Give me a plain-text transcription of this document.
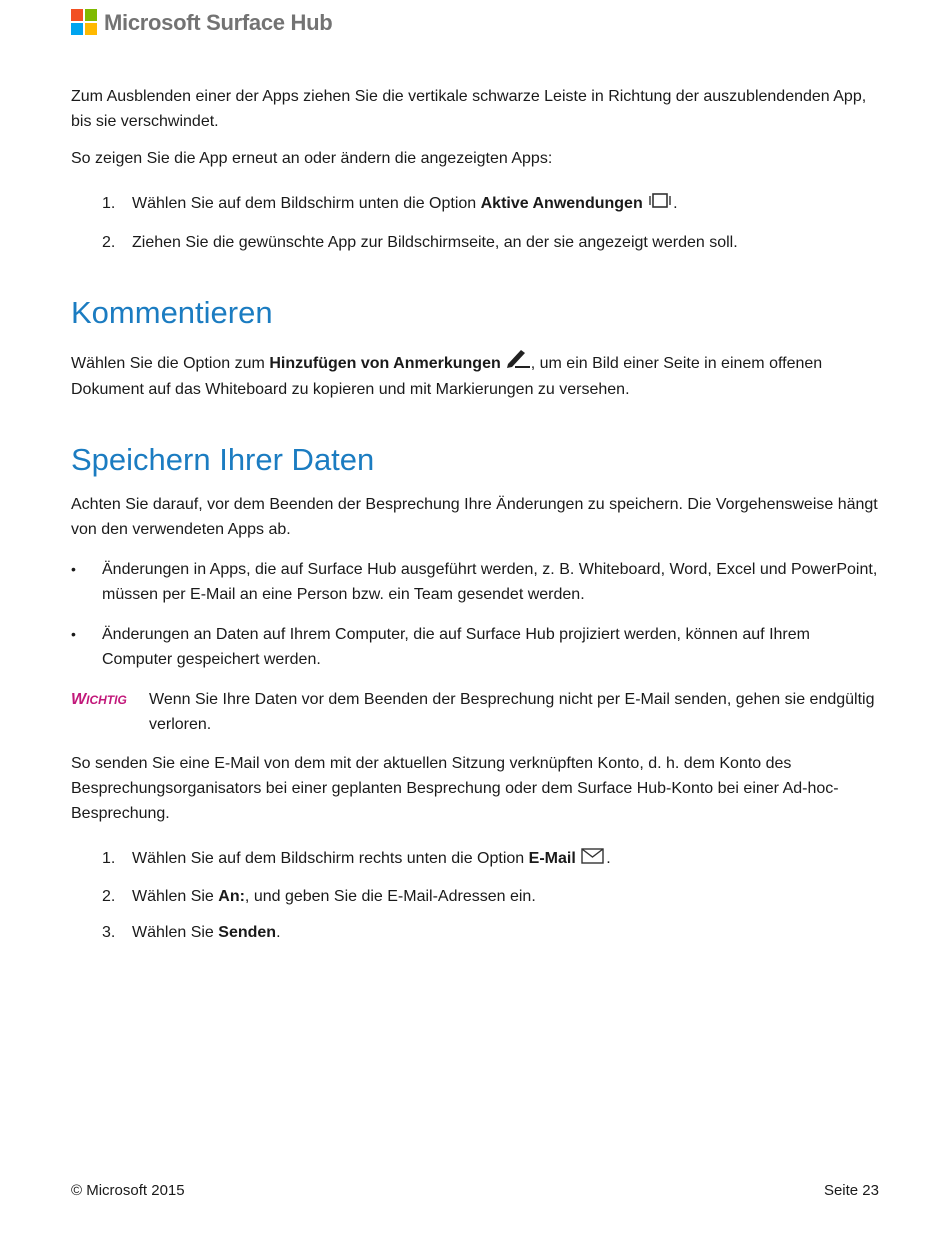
Microsoft Surface Hub

Zum Ausblenden einer der Apps ziehen Sie die vertikale schwarze Leiste in Richtung der auszublendenden App, bis sie verschwindet.

So zeigen Sie die App erneut an oder ändern die angezeigten Apps:

1. Wählen Sie auf dem Bildschirm unten die Option Aktive Anwendungen .
2. Ziehen Sie die gewünschte App zur Bildschirmseite, an der sie angezeigt werden soll.
Kommentieren

Wählen Sie die Option zum Hinzufügen von Anmerkungen , um ein Bild einer Seite in einem offenen Dokument auf das Whiteboard zu kopieren und mit Markierungen zu versehen.

Speichern Ihrer Daten

Achten Sie darauf, vor dem Beenden der Besprechung Ihre Änderungen zu speichern. Die Vorgehensweise hängt von den verwendeten Apps ab.

• Änderungen in Apps, die auf Surface Hub ausgeführt werden, z. B. Whiteboard, Word, Excel und PowerPoint, müssen per E-Mail an eine Person bzw. ein Team gesendet werden.
• Änderungen an Daten auf Ihrem Computer, die auf Surface Hub projiziert werden, können auf Ihrem Computer gespeichert werden.
WICHTIG Wenn Sie Ihre Daten vor dem Beenden der Besprechung nicht per E-Mail senden, gehen sie endgültig verloren.

So senden Sie eine E-Mail von dem mit der aktuellen Sitzung verknüpften Konto, d. h. dem Konto des Besprechungsorganisators bei einer geplanten Besprechung oder dem Surface Hub-Konto bei einer Ad-hoc-Besprechung.

1. Wählen Sie auf dem Bildschirm rechts unten die Option E-Mail .
2. Wählen Sie An:, und geben Sie die E-Mail-Adressen ein.
3. Wählen Sie Senden.
© Microsoft 2015	Seite 23
